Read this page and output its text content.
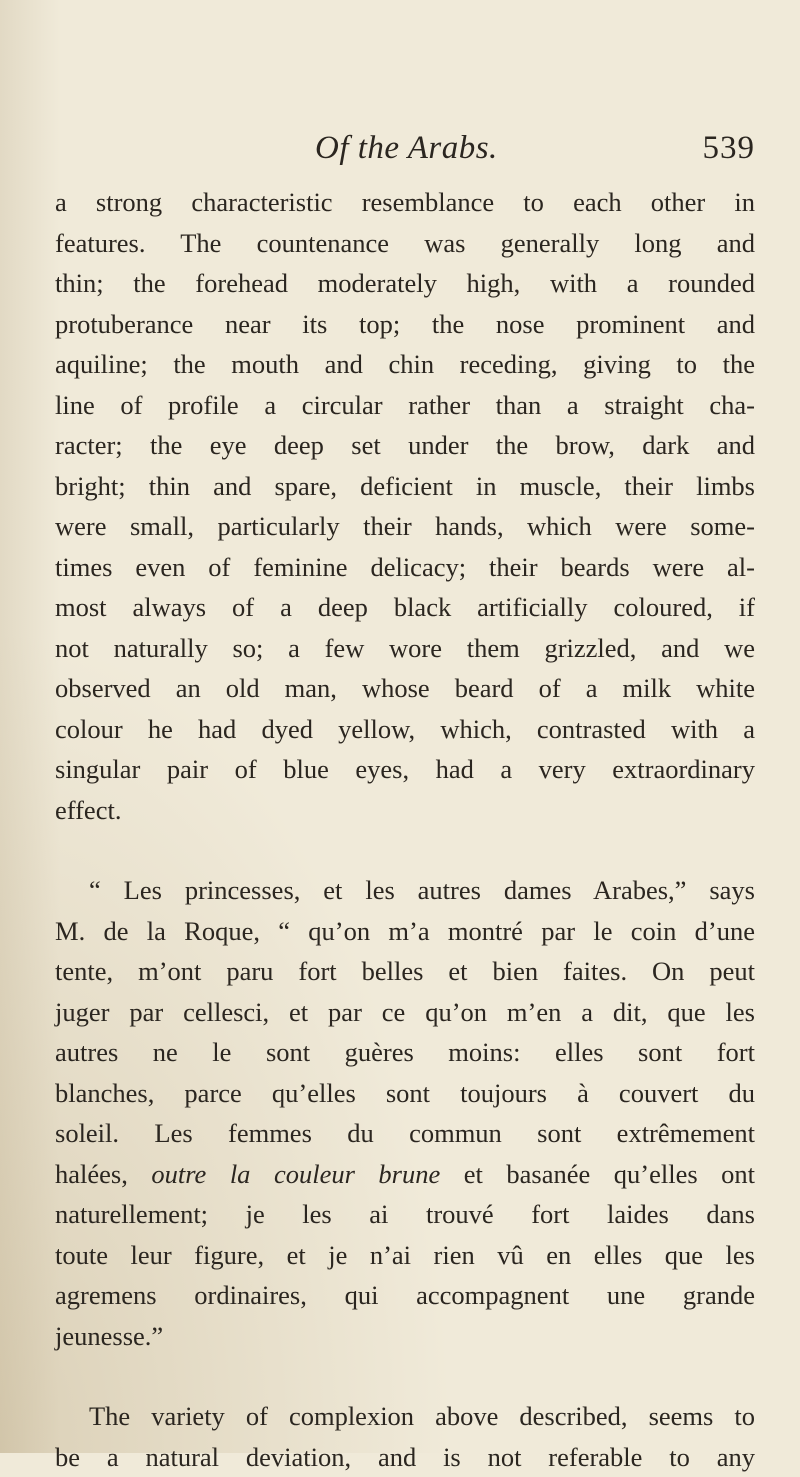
Of the Arabs.	539

a strong characteristic resemblance to each other in
features. The countenance was generally long and
thin; the forehead moderately high, with a rounded
protuberance near its top; the nose prominent and
aquiline; the mouth and chin receding, giving to the
line of profile a circular rather than a straight cha-
racter; the eye deep set under the brow, dark and
bright; thin and spare, deficient in muscle, their limbs
were small, particularly their hands, which were some-
times even of feminine delicacy; their beards were al-
most always of a deep black artificially coloured, if
not naturally so; a few wore them grizzled, and we
observed an old man, whose beard of a milk white
colour he had dyed yellow, which, contrasted with a
singular pair of blue eyes, had a very extraordinary
effect.

“ Les princesses, et les autres dames Arabes,” says
M. de la Roque, “ qu’on m’a montré par le coin d’une
tente, m’ont paru fort belles et bien faites. On peut
juger par cellesci, et par ce qu’on m’en a dit, que les
autres ne le sont guères moins: elles sont fort
blanches, parce qu’elles sont toujours à couvert du
soleil. Les femmes du commun sont extrêmement
halées, outre la couleur brune et basanée qu’elles ont
naturellement; je les ai trouvé fort laides dans
toute leur figure, et je n’ai rien vû en elles que les
agremens ordinaires, qui accompagnent une grande
jeunesse.”

The variety of complexion above described, seems to
be a natural deviation, and is not referable to any
